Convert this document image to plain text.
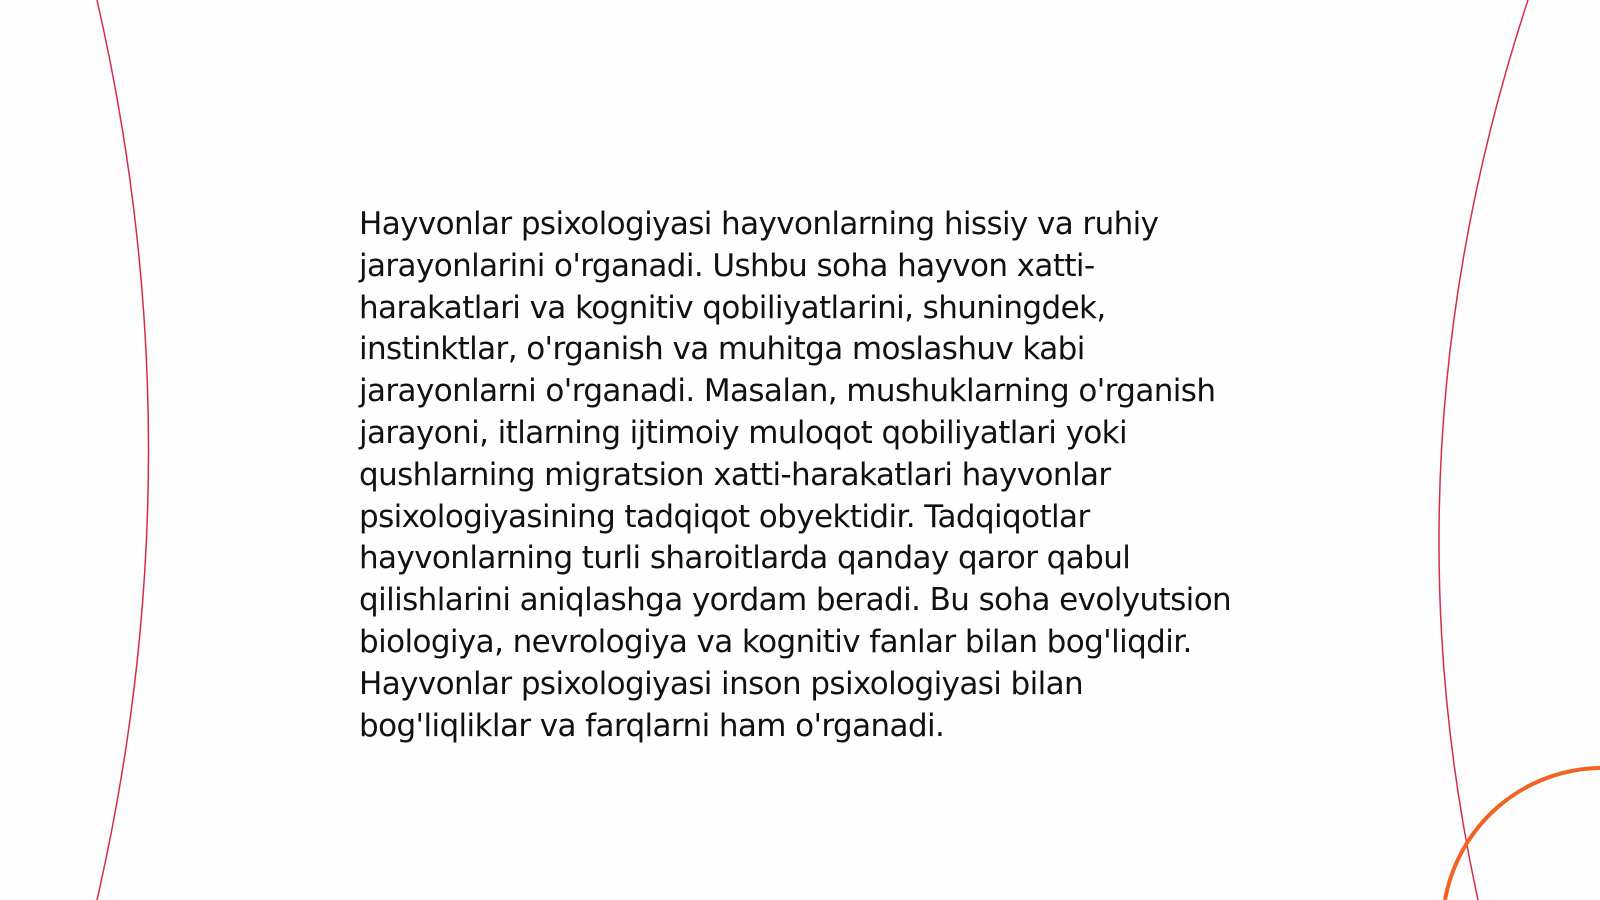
Hayvonlar psixologiyasi hayvonlarning hissiy va ruhiy jarayonlarini o'rganadi. Ushbu soha hayvon xatti-harakatlari va kognitiv qobiliyatlarini, shuningdek, instinktlar, o'rganish va muhitga moslashuv kabi jarayonlarni o'rganadi. Masalan, mushuklarning o'rganish jarayoni, itlarning ijtimoiy muloqot qobiliyatlari yoki qushlarning migratsion xatti-harakatlari hayvonlar psixologiyasining tadqiqot obyektidir. Tadqiqotlar hayvonlarning turli sharoitlarda qanday qaror qabul qilishlarini aniqlashga yordam beradi. Bu soha evolyutsion biologiya, nevrologiya va kognitiv fanlar bilan bog'liqdir. Hayvonlar psixologiyasi inson psixologiyasi bilan bog'liqliklar va farqlarni ham o'rganadi.
